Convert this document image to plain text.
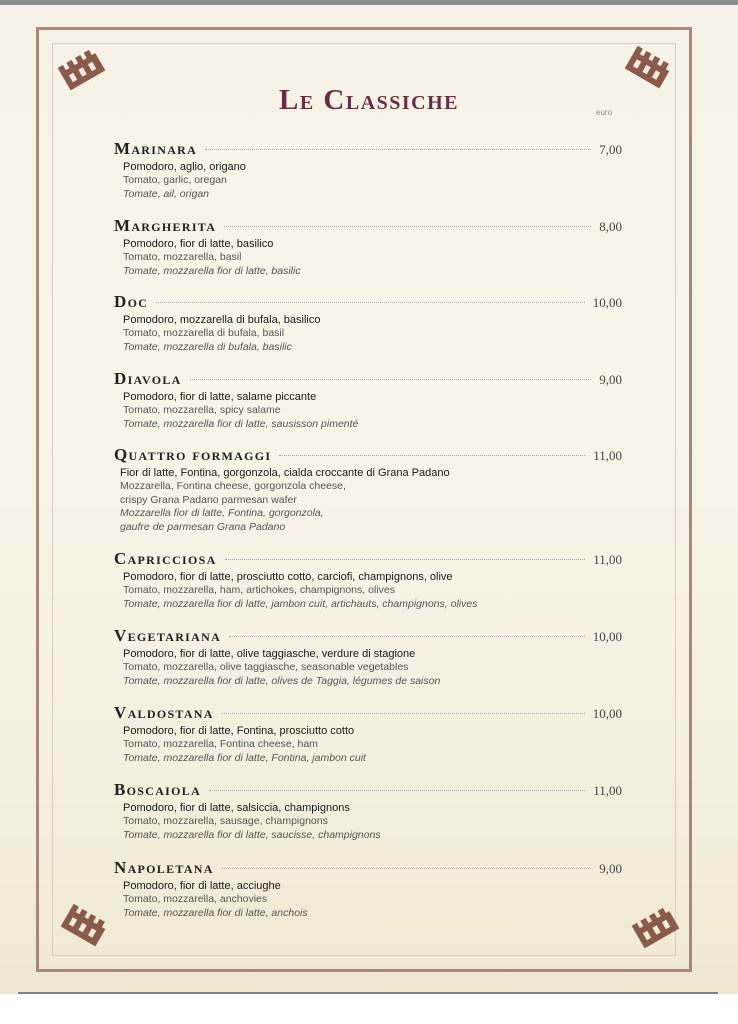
Le Classiche	euro
Marinara	7,00
Pomodoro, aglio, origano
Tomato, garlic, oregan
Tomate, ail, origan
Margherita	8,00
Pomodoro, fior di latte, basilico
Tomato, mozzarella, basil
Tomate, mozzarella fior di latte, basilic
Doc	10,00
Pomodoro, mozzarella di bufala, basilico
Tomato, mozzarella di bufala, basil
Tomate, mozzarella di bufala, basilic
Diavola	9,00
Pomodoro, fior di latte, salame piccante
Tomato, mozzarella, spicy salame
Tomate, mozzarella fior di latte, sausisson pimenté
Quattro formaggi	11,00
Fior di latte, Fontina, gorgonzola, cialda croccante di Grana Padano
Mozzarella, Fontina cheese, gorgonzola cheese,
crispy Grana Padano parmesan wafer
Mozzarella fior di latte, Fontina, gorgonzola,
gaufre de parmesan Grana Padano
Capricciosa	11,00
Pomodoro, fior di latte, prosciutto cotto, carciofi, champignons, olive
Tomato, mozzarella, ham, artichokes, champignons, olives
Tomate, mozzarella fior di latte, jambon cuit, artichauts, champignons, olives
Vegetariana	10,00
Pomodoro, fior di latte, olive taggiasche, verdure di stagione
Tomato, mozzarella, olive taggiasche, seasonable vegetables
Tomate, mozzarella fior di latte, olives de Taggia, légumes de saison
Valdostana	10,00
Pomodoro, fior di latte, Fontina, prosciutto cotto
Tomato, mozzarella, Fontina cheese, ham
Tomate, mozzarella fior di latte, Fontina, jambon cuit
Boscaiola	11,00
Pomodoro, fior di latte, salsiccia, champignons
Tomato, mozzarella, sausage, champignons
Tomate, mozzarella fior di latte, saucisse, champignons
Napoletana	9,00
Pomodoro, fior di latte, acciughe
Tomato, mozzarella, anchovies
Tomate, mozzarella fior di latte, anchois
